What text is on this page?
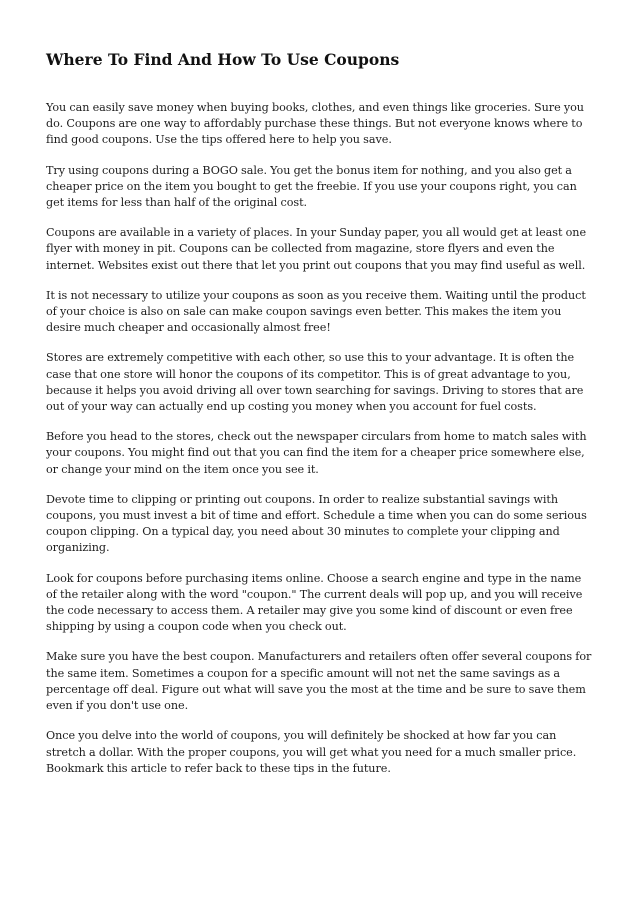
Where To Find And How To Use Coupons

You can easily save money when buying books, clothes, and even things like groceries. Sure you do. Coupons are one way to affordably purchase these things. But not everyone knows where to find good coupons. Use the tips offered here to help you save.

Try using coupons during a BOGO sale. You get the bonus item for nothing, and you also get a cheaper price on the item you bought to get the freebie. If you use your coupons right, you can get items for less than half of the original cost.

Coupons are available in a variety of places. In your Sunday paper, you all would get at least one flyer with money in pit. Coupons can be collected from magazine, store flyers and even the internet. Websites exist out there that let you print out coupons that you may find useful as well.

It is not necessary to utilize your coupons as soon as you receive them. Waiting until the product of your choice is also on sale can make coupon savings even better. This makes the item you desire much cheaper and occasionally almost free!

Stores are extremely competitive with each other, so use this to your advantage. It is often the case that one store will honor the coupons of its competitor. This is of great advantage to you, because it helps you avoid driving all over town searching for savings. Driving to stores that are out of your way can actually end up costing you money when you account for fuel costs.

Before you head to the stores, check out the newspaper circulars from home to match sales with your coupons. You might find out that you can find the item for a cheaper price somewhere else, or change your mind on the item once you see it.

Devote time to clipping or printing out coupons. In order to realize substantial savings with coupons, you must invest a bit of time and effort. Schedule a time when you can do some serious coupon clipping. On a typical day, you need about 30 minutes to complete your clipping and organizing.

Look for coupons before purchasing items online. Choose a search engine and type in the name of the retailer along with the word "coupon." The current deals will pop up, and you will receive the code necessary to access them. A retailer may give you some kind of discount or even free shipping by using a coupon code when you check out.

Make sure you have the best coupon. Manufacturers and retailers often offer several coupons for the same item. Sometimes a coupon for a specific amount will not net the same savings as a percentage off deal. Figure out what will save you the most at the time and be sure to save them even if you don't use one.

Once you delve into the world of coupons, you will definitely be shocked at how far you can stretch a dollar. With the proper coupons, you will get what you need for a much smaller price. Bookmark this article to refer back to these tips in the future.
